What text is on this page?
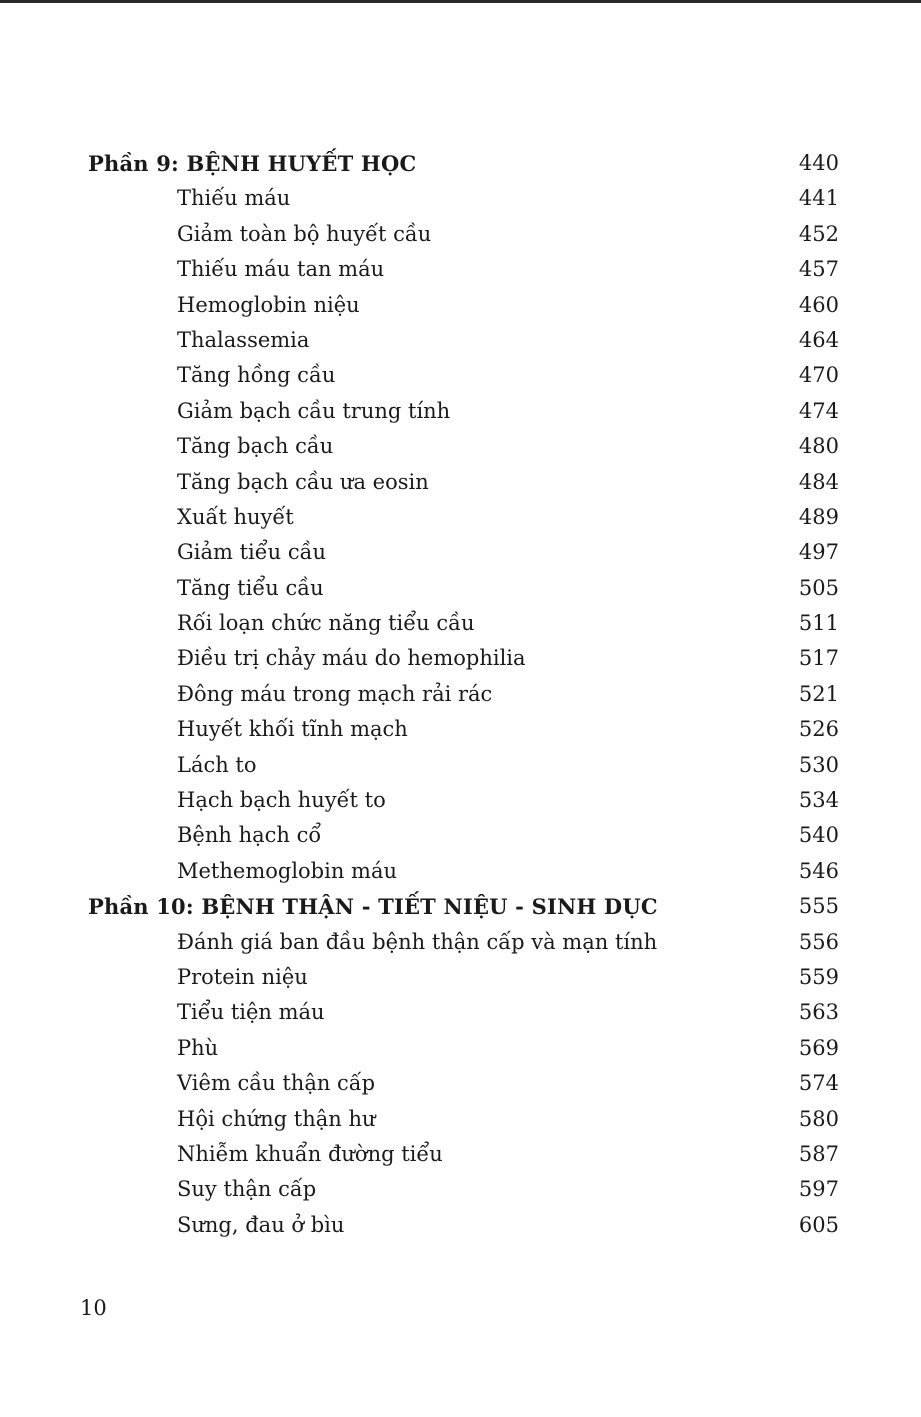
Phần 9: BỆNH HUYẾT HỌC	440
Thiếu máu	441
Giảm toàn bộ huyết cầu	452
Thiếu máu tan máu	457
Hemoglobin niệu	460
Thalassemia	464
Tăng hồng cầu	470
Giảm bạch cầu trung tính	474
Tăng bạch cầu	480
Tăng bạch cầu ưa eosin	484
Xuất huyết	489
Giảm tiểu cầu	497
Tăng tiểu cầu	505
Rối loạn chức năng tiểu cầu	511
Điều trị chảy máu do hemophilia	517
Đông máu trong mạch rải rác	521
Huyết khối tĩnh mạch	526
Lách to	530
Hạch bạch huyết to	534
Bệnh hạch cổ	540
Methemoglobin máu	546
Phần 10: BỆNH THẬN - TIẾT NIỆU - SINH DỤC	555
Đánh giá ban đầu bệnh thận cấp và mạn tính	556
Protein niệu	559
Tiểu tiện máu	563
Phù	569
Viêm cầu thận cấp	574
Hội chứng thận hư	580
Nhiễm khuẩn đường tiểu	587
Suy thận cấp	597
Sưng, đau ở bìu	605
10
